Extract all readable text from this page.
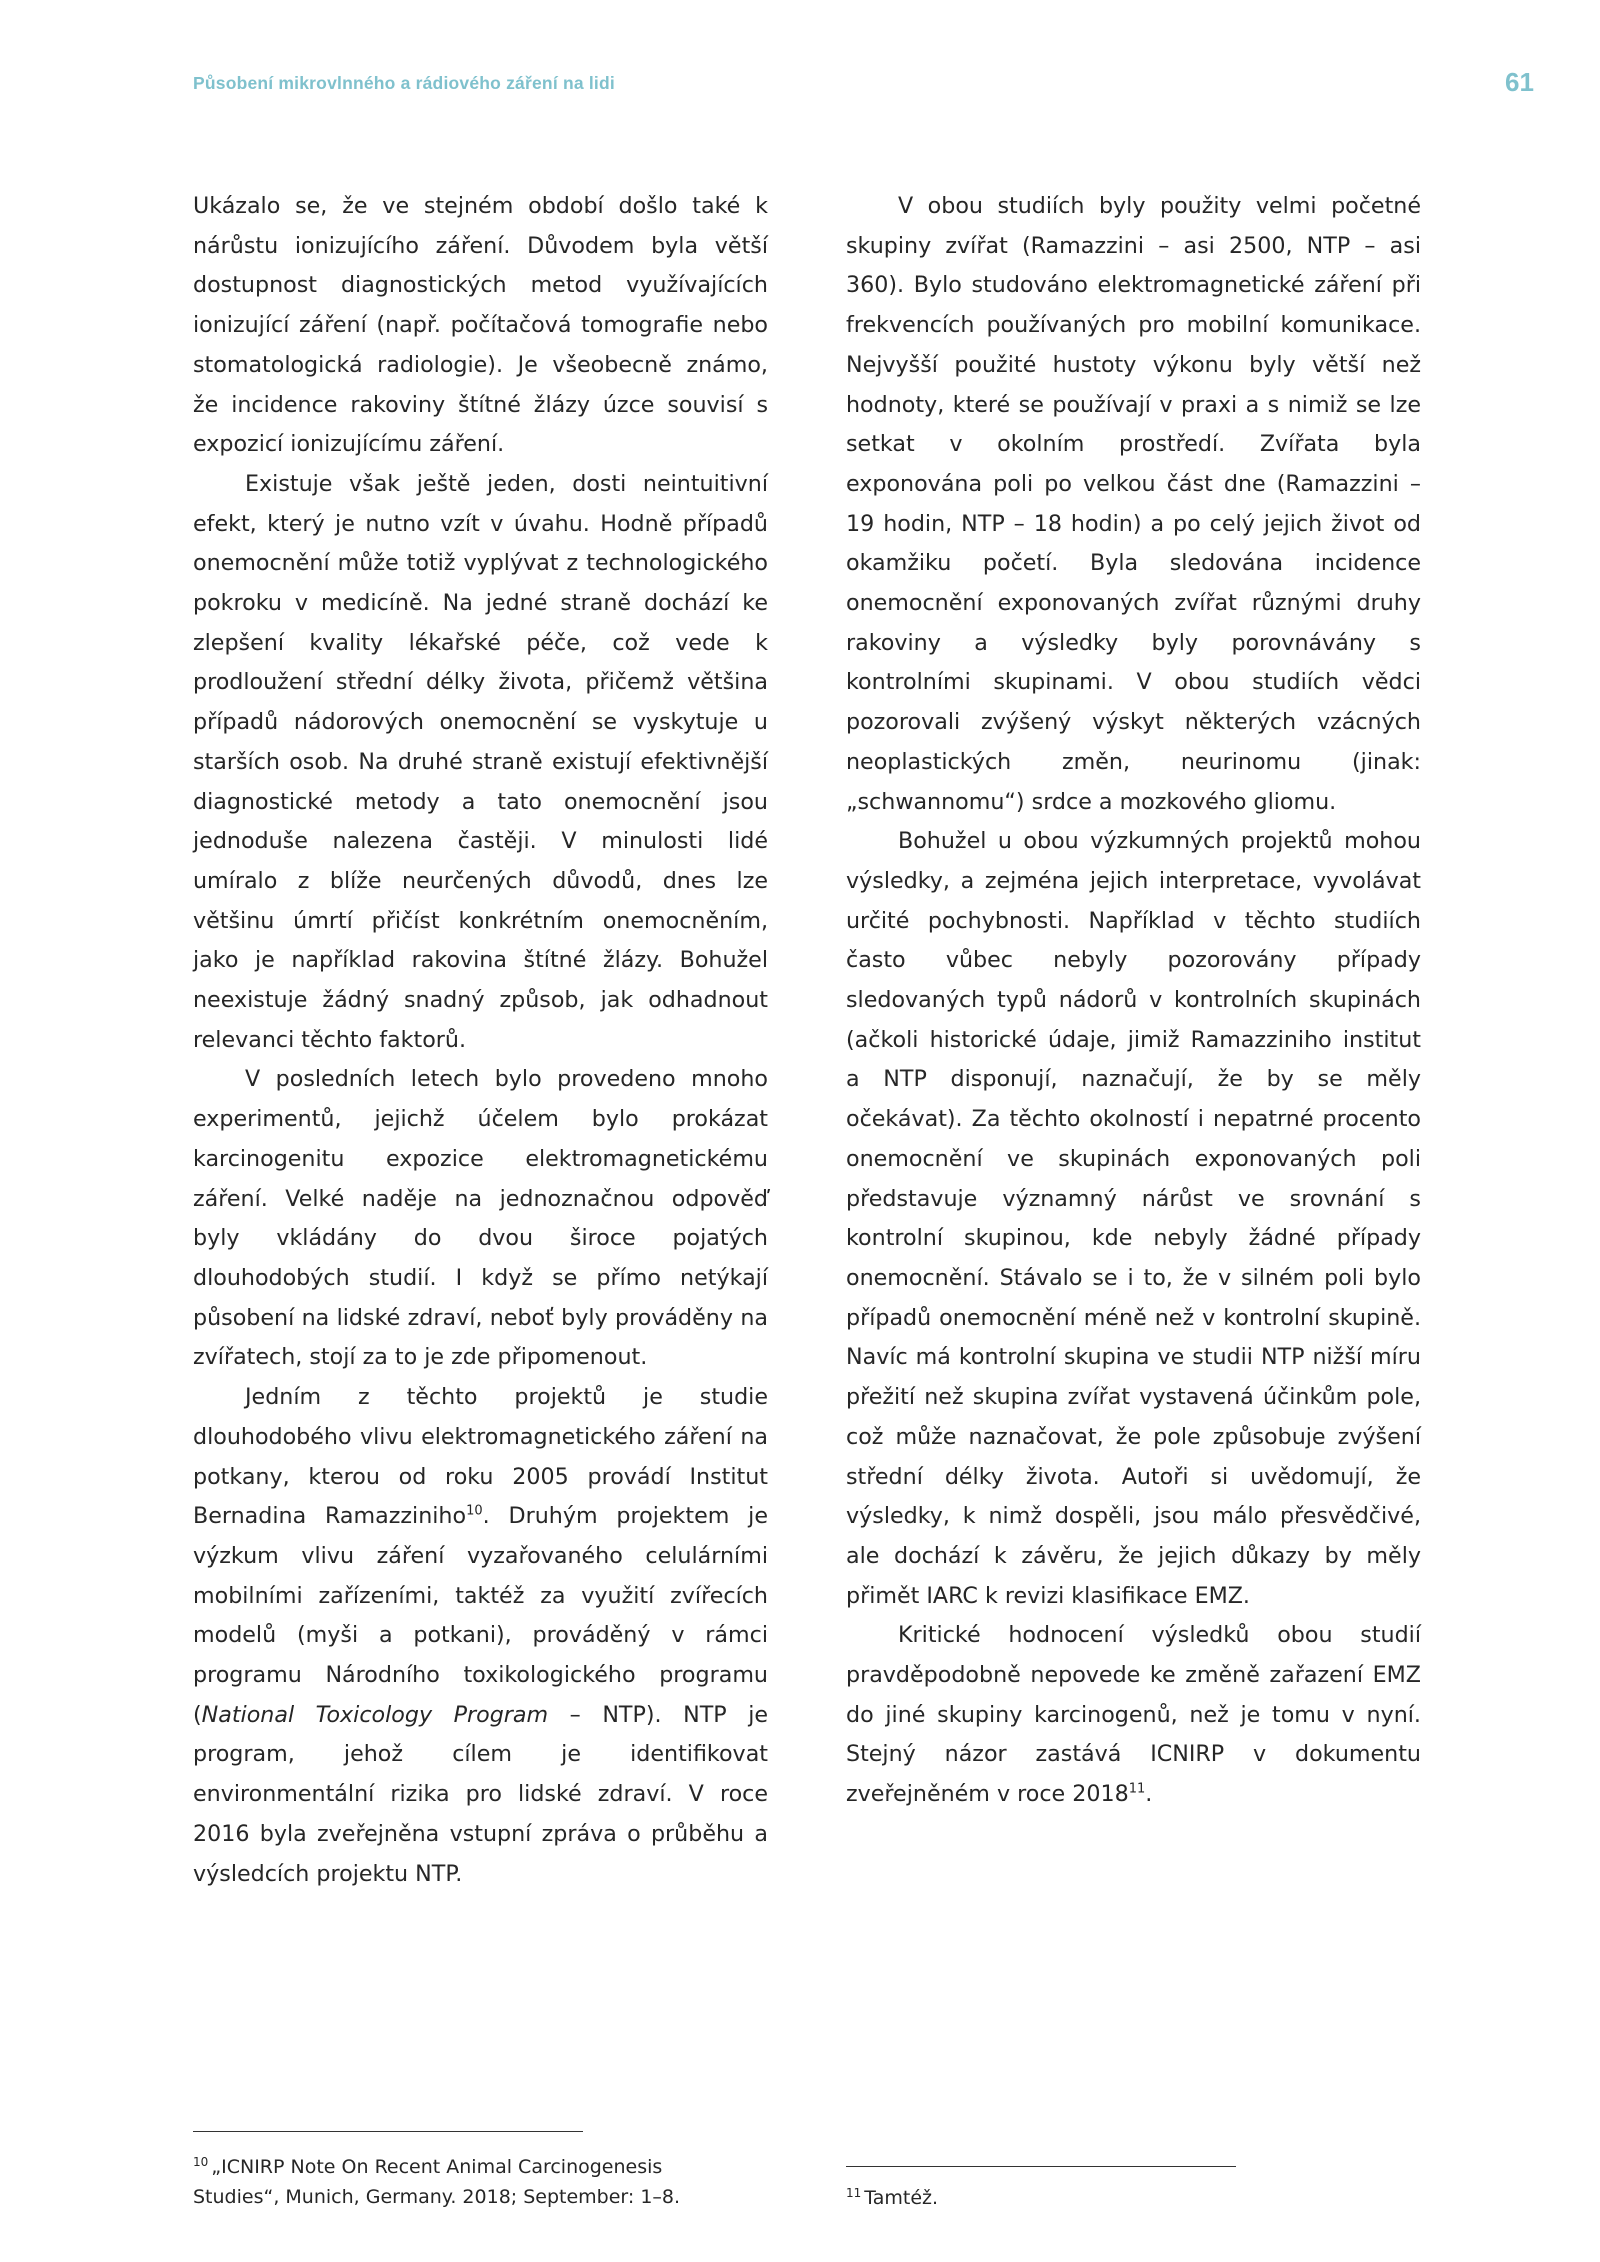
Působení mikrovlnného a rádiového záření na lidi	61

Ukázalo se, že ve stejném období došlo také k nárůstu ionizujícího záření. Důvodem byla větší dostupnost diagnostických metod využívajících ionizující záření (např. počítačová tomografie nebo stomatologická radiologie). Je všeobecně známo, že incidence rakoviny štítné žlázy úzce souvisí s expozicí ionizujícímu záření.

Existuje však ještě jeden, dosti neintuitivní efekt, který je nutno vzít v úvahu. Hodně případů onemocnění může totiž vyplývat z technologického pokroku v medicíně. Na jedné straně dochází ke zlepšení kvality lékařské péče, což vede k prodloužení střední délky života, přičemž většina případů nádorových onemocnění se vyskytuje u starších osob. Na druhé straně existují efektivnější diagnostické metody a tato onemocnění jsou jednoduše nalezena častěji. V minulosti lidé umíralo z blíže neurčených důvodů, dnes lze většinu úmrtí přičíst konkrétním onemocněním, jako je například rakovina štítné žlázy. Bohužel neexistuje žádný snadný způsob, jak odhadnout relevanci těchto faktorů.

V posledních letech bylo provedeno mnoho experimentů, jejichž účelem bylo prokázat karcinogenitu expozice elektromagnetickému záření. Velké naděje na jednoznačnou odpověď byly vkládány do dvou široce pojatých dlouhodobých studií. I když se přímo netýkají působení na lidské zdraví, neboť byly prováděny na zvířatech, stojí za to je zde připomenout.

Jedním z těchto projektů je studie dlouhodobého vlivu elektromagnetického záření na potkany, kterou od roku 2005 provádí Institut Bernadina Ramazziniho$^{10}$. Druhým projektem je výzkum vlivu záření vyzařovaného celulárními mobilními zařízeními, taktéž za využití zvířecích modelů (myši a potkani), prováděný v rámci programu Národního toxikologického programu (National Toxicology Program – NTP). NTP je program, jehož cílem je identifikovat environmentální rizika pro lidské zdraví. V roce 2016 byla zveřejněna vstupní zpráva o průběhu a výsledcích projektu NTP.

V obou studiích byly použity velmi početné skupiny zvířat (Ramazzini – asi 2500, NTP – asi 360). Bylo studováno elektromagnetické záření při frekvencích používaných pro mobilní komunikace. Nejvyšší použité hustoty výkonu byly větší než hodnoty, které se používají v praxi a s nimiž se lze setkat v okolním prostředí. Zvířata byla exponována poli po velkou část dne (Ramazzini – 19 hodin, NTP – 18 hodin) a po celý jejich život od okamžiku početí. Byla sledována incidence onemocnění exponovaných zvířat různými druhy rakoviny a výsledky byly porovnávány s kontrolními skupinami. V obou studiích vědci pozorovali zvýšený výskyt některých vzácných neoplastických změn, neurinomu (jinak: „schwannomu“) srdce a mozkového gliomu.

Bohužel u obou výzkumných projektů mohou výsledky, a zejména jejich interpretace, vyvolávat určité pochybnosti. Například v těchto studiích často vůbec nebyly pozorovány případy sledovaných typů nádorů v kontrolních skupinách (ačkoli historické údaje, jimiž Ramazziniho institut a NTP disponují, naznačují, že by se měly očekávat). Za těchto okolností i nepatrné procento onemocnění ve skupinách exponovaných poli představuje významný nárůst ve srovnání s kontrolní skupinou, kde nebyly žádné případy onemocnění. Stávalo se i to, že v silném poli bylo případů onemocnění méně než v kontrolní skupině. Navíc má kontrolní skupina ve studii NTP nižší míru přežití než skupina zvířat vystavená účinkům pole, což může naznačovat, že pole způsobuje zvýšení střední délky života. Autoři si uvědomují, že výsledky, k nimž dospěli, jsou málo přesvědčivé, ale dochází k závěru, že jejich důkazy by měly přimět IARC k revizi klasifikace EMZ.

Kritické hodnocení výsledků obou studií pravděpodobně nepovede ke změně zařazení EMZ do jiné skupiny karcinogenů, než je tomu v nyní. Stejný názor zastává ICNIRP v dokumentu zveřejněném v roce 2018$^{11}$.

$^{10}$ „ICNIRP Note On Recent Animal Carcinogenesis Studies“, Munich, Germany. 2018; September: 1–8.	$^{11}$ Tamtéž.
